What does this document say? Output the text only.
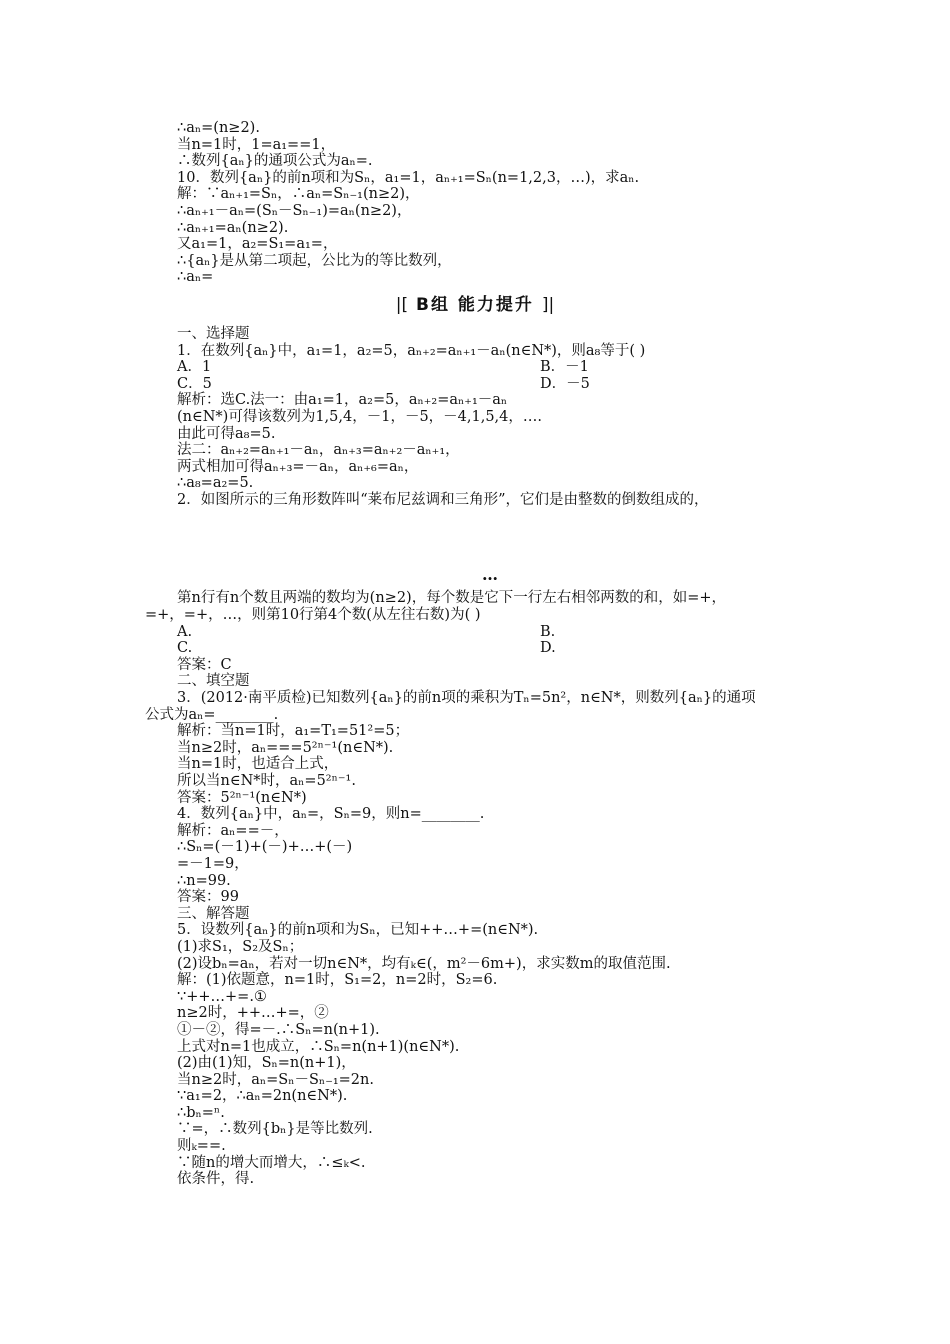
∴aₙ=(n≥2).
当n=1时，1=a₁==1，
∴数列{aₙ}的通项公式为aₙ=.
10．数列{aₙ}的前n项和为Sₙ，a₁=1，aₙ₊₁=Sₙ(n=1,2,3，…)，求aₙ.
解：∵aₙ₊₁=Sₙ，∴aₙ=Sₙ₋₁(n≥2)，
∴aₙ₊₁－aₙ=(Sₙ－Sₙ₋₁)=aₙ(n≥2)，
∴aₙ₊₁=aₙ(n≥2).
又a₁=1，a₂=S₁=a₁=，
∴{aₙ}是从第二项起，公比为的等比数列，
∴aₙ=
|[ B组 能力提升 ]|
一、选择题
1．在数列{aₙ}中，a₁=1，a₂=5，aₙ₊₂=aₙ₊₁－aₙ(n∈N*)，则a₈等于( )
A．1	B．－1
C．5	D．－5
解析：选C.法一：由a₁=1，a₂=5，aₙ₊₂=aₙ₊₁－aₙ
(n∈N*)可得该数列为1,5,4，－1，－5，－4,1,5,4，….
由此可得a₈=5.
法二：aₙ₊₂=aₙ₊₁－aₙ，aₙ₊₃=aₙ₊₂－aₙ₊₁，
两式相加可得aₙ₊₃=－aₙ，aₙ₊₆=aₙ，
∴a₈=a₂=5.
2．如图所示的三角形数阵叫“莱布尼兹调和三角形”，它们是由整数的倒数组成的，
…
第n行有n个数且两端的数均为(n≥2)，每个数是它下一行左右相邻两数的和，如=+，
=+，=+，…，则第10行第4个数(从左往右数)为( )
A.	B.
C.	D.
答案：C
二、填空题
3．(2012·南平质检)已知数列{aₙ}的前n项的乘积为Tₙ=5n²，n∈N*，则数列{aₙ}的通项
公式为aₙ=________.
解析：当n=1时，a₁=T₁=51²=5；
当n≥2时，aₙ===5²ⁿ⁻¹(n∈N*).
当n=1时，也适合上式，
所以当n∈N*时，aₙ=5²ⁿ⁻¹.
答案：5²ⁿ⁻¹(n∈N*)
4．数列{aₙ}中，aₙ=，Sₙ=9，则n=________.
解析：aₙ==－，
∴Sₙ=(－1)+(－)+…+(－)
=－1=9，
∴n=99.
答案：99
三、解答题
5．设数列{aₙ}的前n项和为Sₙ，已知++…+=(n∈N*).
(1)求S₁，S₂及Sₙ；
(2)设bₙ=aₙ，若对一切n∈N*，均有ₖ∈(，m²－6m+)，求实数m的取值范围.
解：(1)依题意，n=1时，S₁=2，n=2时，S₂=6.
∵++…+=.①
n≥2时，++…+=，②
①－②，得=－.∴Sₙ=n(n+1).
上式对n=1也成立，∴Sₙ=n(n+1)(n∈N*).
(2)由(1)知，Sₙ=n(n+1)，
当n≥2时，aₙ=Sₙ－Sₙ₋₁=2n.
∵a₁=2，∴aₙ=2n(n∈N*).
∴bₙ=ⁿ.
∵=，∴数列{bₙ}是等比数列.
则ₖ==.
∵随n的增大而增大，∴≤ₖ<.
依条件，得.
